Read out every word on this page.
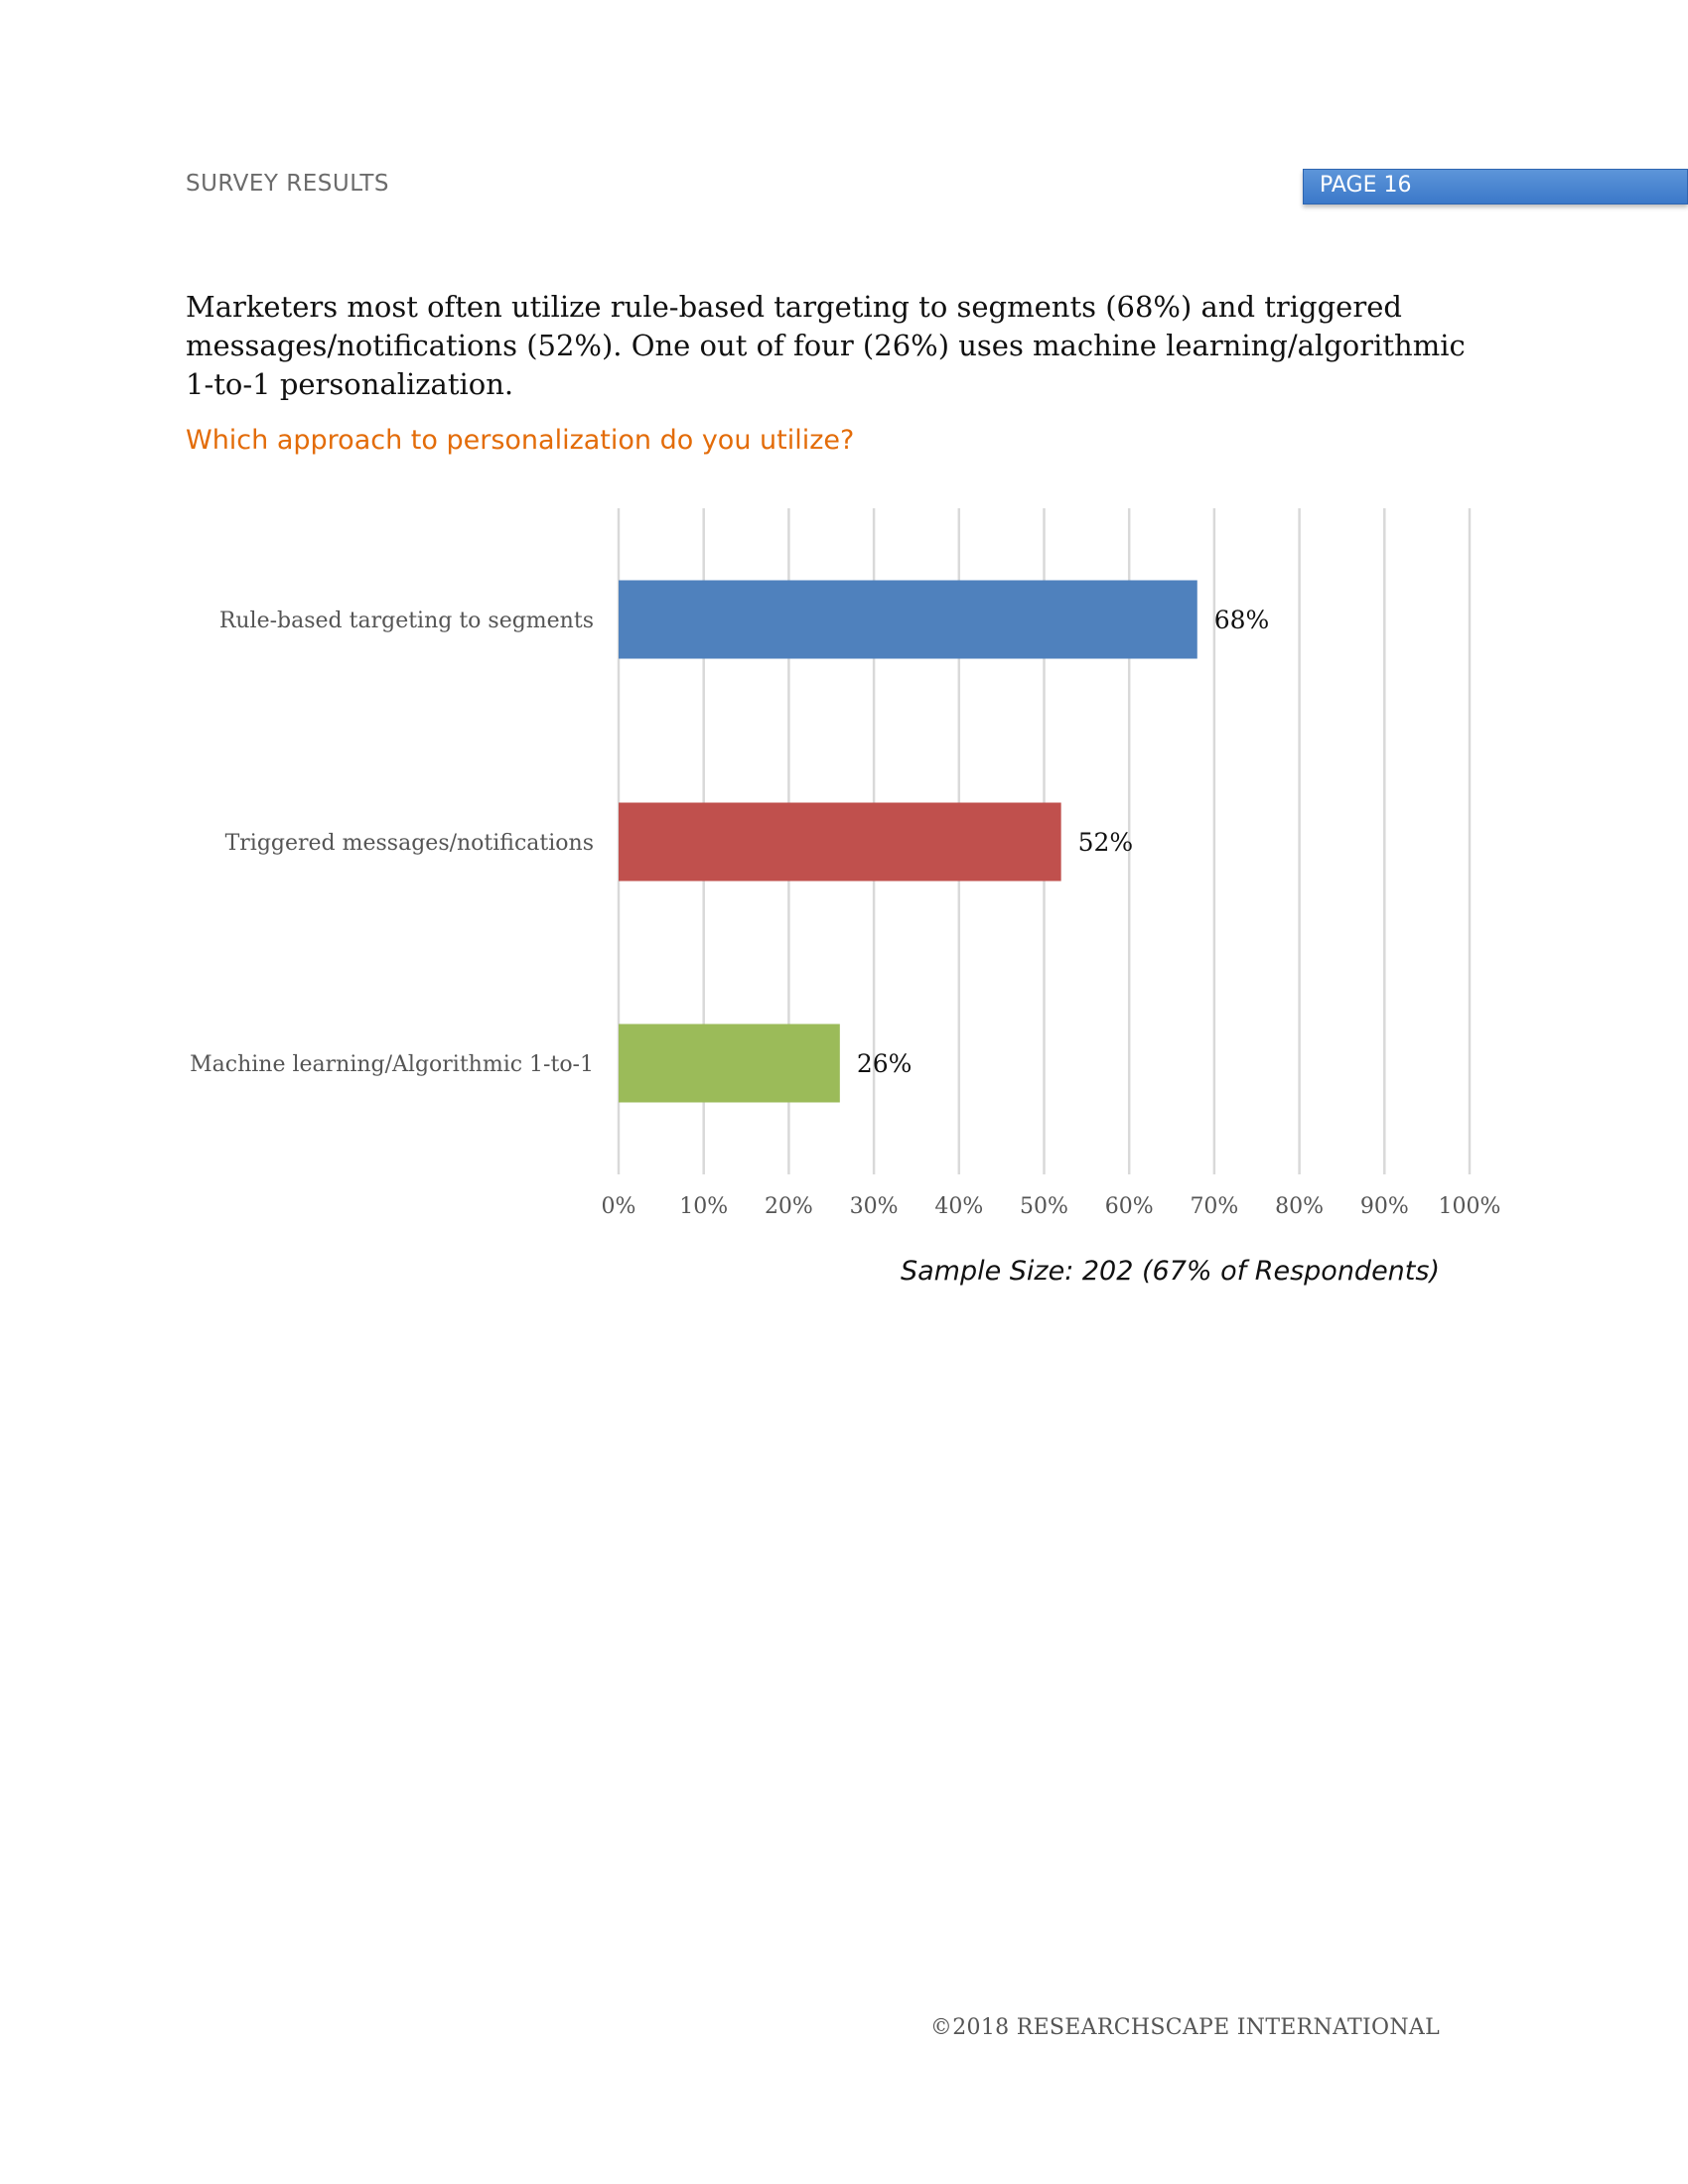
SURVEY RESULTS	PAGE 16
Marketers most often utilize rule-based targeting to segments (68%) and triggered messages/notifications (52%). One out of four (26%) uses machine learning/algorithmic 1-to-1 personalization.
Which approach to personalization do you utilize?
Rule-based targeting to segments
Triggered messages/notifications
Machine learning/Algorithmic 1-to-1
0% 10% 20% 30% 40% 50% 60% 70% 80% 90% 100%
68%
52%
26%
Sample Size: 202 (67% of Respondents)
©2018 RESEARCHSCAPE INTERNATIONAL
